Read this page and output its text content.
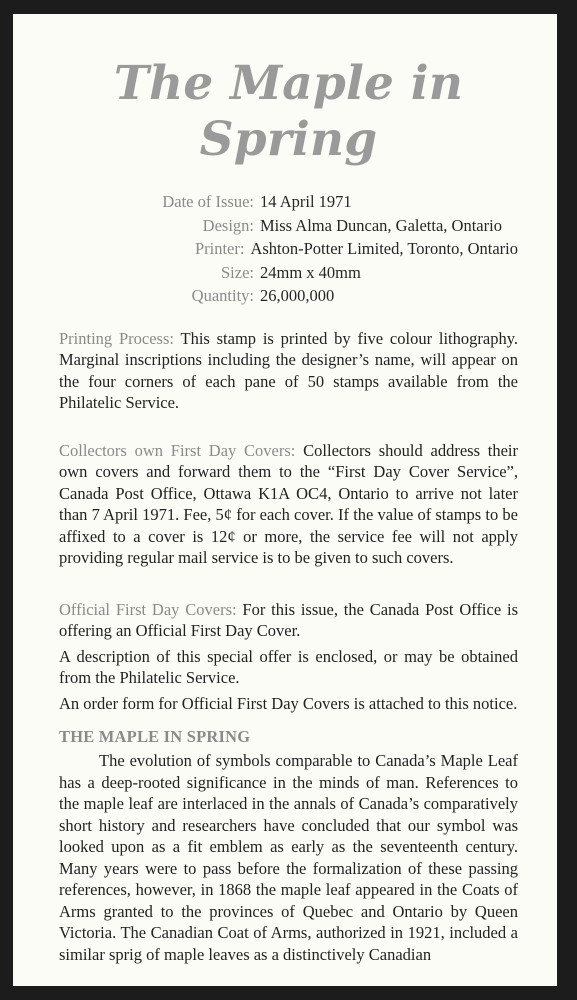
The Maple in Spring
Date of Issue: 14 April 1971
Design: Miss Alma Duncan, Galetta, Ontario
Printer: Ashton-Potter Limited, Toronto, Ontario
Size: 24mm x 40mm
Quantity: 26,000,000

Printing Process: This stamp is printed by five colour lithography. Marginal inscriptions including the designer’s name, will appear on the four corners of each pane of 50 stamps available from the Philatelic Service.

Collectors own First Day Covers: Collectors should address their own covers and forward them to the “First Day Cover Service”, Canada Post Office, Ottawa K1A OC4, Ontario to arrive not later than 7 April 1971. Fee, 5¢ for each cover. If the value of stamps to be affixed to a cover is 12¢ or more, the service fee will not apply providing regular mail service is to be given to such covers.

Official First Day Covers: For this issue, the Canada Post Office is offering an Official First Day Cover.

A description of this special offer is enclosed, or may be obtained from the Philatelic Service.

An order form for Official First Day Covers is attached to this notice.

THE MAPLE IN SPRING

The evolution of symbols comparable to Canada’s Maple Leaf has a deep-rooted significance in the minds of man. References to the maple leaf are interlaced in the annals of Canada’s comparatively short history and researchers have concluded that our symbol was looked upon as a fit emblem as early as the seventeenth century. Many years were to pass before the formalization of these passing references, however, in 1868 the maple leaf appeared in the Coats of Arms granted to the provinces of Quebec and Ontario by Queen Victoria. The Canadian Coat of Arms, authorized in 1921, included a similar sprig of maple leaves as a distinctively Canadian
